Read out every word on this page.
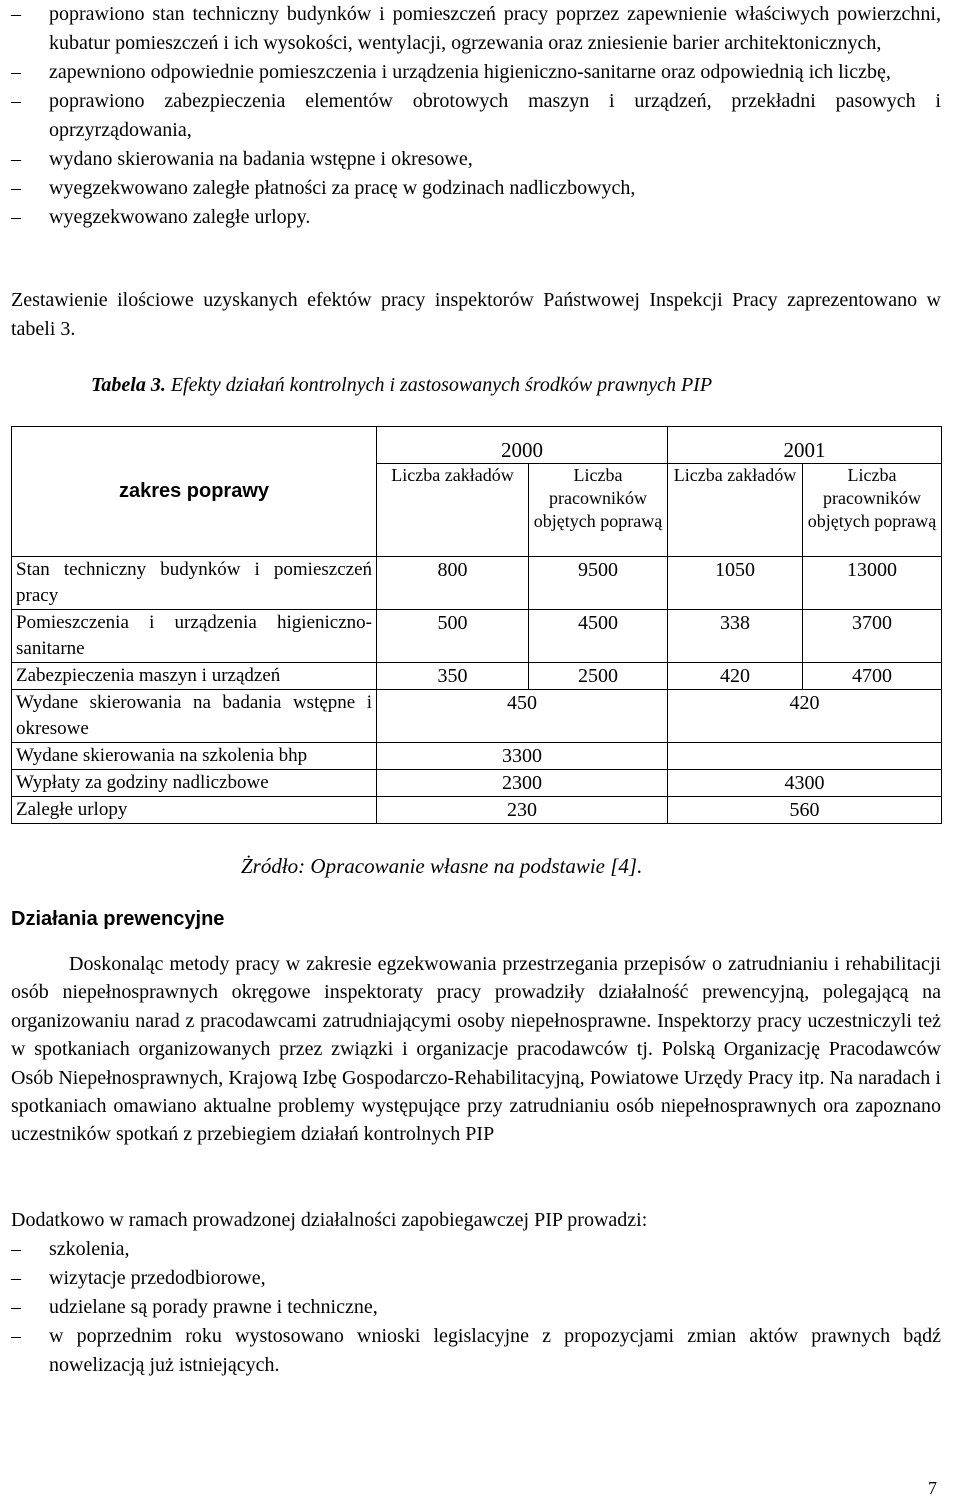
– poprawiono stan techniczny budynków i pomieszczeń pracy poprzez zapewnienie właściwych powierzchni, kubatur pomieszczeń i ich wysokości, wentylacji, ogrzewania oraz zniesienie barier architektonicznych,
– zapewniono odpowiednie pomieszczenia i urządzenia higieniczno-sanitarne oraz odpowiednią ich liczbę,
– poprawiono zabezpieczenia elementów obrotowych maszyn i urządzeń, przekładni pasowych i oprzyrządowania,
– wydano skierowania na badania wstępne i okresowe,
– wyegzekwowano zaległe płatności za pracę w godzinach nadliczbowych,
– wyegzekwowano zaległe urlopy.
Zestawienie ilościowe uzyskanych efektów pracy inspektorów Państwowej Inspekcji Pracy zaprezentowano w tabeli 3.
Tabela 3. Efekty działań kontrolnych i zastosowanych środków prawnych PIP
zakres poprawy	2000		2001	
	Liczba zakładów	Liczba pracowników objętych poprawą	Liczba zakładów	Liczba pracowników objętych poprawą
Stan techniczny budynków i pomieszczeń pracy	800	9500	1050	13000
Pomieszczenia i urządzenia higieniczno-sanitarne	500	4500	338	3700
Zabezpieczenia maszyn i urządzeń	350	2500	420	4700
Wydane skierowania na badania wstępne i okresowe	450		420	
Wydane skierowania na szkolenia bhp	3300			
Wypłaty za godziny nadliczbowe	2300		4300	
Zaległe urlopy	230		560	
Żródło: Opracowanie własne na podstawie [4].
Działania prewencyjne
Doskonaląc metody pracy w zakresie egzekwowania przestrzegania przepisów o zatrudnianiu i rehabilitacji osób niepełnosprawnych okręgowe inspektoraty pracy prowadziły działalność prewencyjną, polegającą na organizowaniu narad z pracodawcami zatrudniającymi osoby niepełnosprawne. Inspektorzy pracy uczestniczyli też w spotkaniach organizowanych przez związki i organizacje pracodawców tj. Polską Organizację Pracodawców Osób Niepełnosprawnych, Krajową Izbę Gospodarczo-Rehabilitacyjną, Powiatowe Urzędy Pracy itp. Na naradach i spotkaniach omawiano aktualne problemy występujące przy zatrudnianiu osób niepełnosprawnych ora zapoznano uczestników spotkań z przebiegiem działań kontrolnych PIP
Dodatkowo w ramach prowadzonej działalności zapobiegawczej PIP prowadzi:
– szkolenia,
– wizytacje przedodbiorowe,
– udzielane są porady prawne i techniczne,
– w poprzednim roku wystosowano wnioski legislacyjne z propozycjami zmian aktów prawnych bądź nowelizacją już istniejących.
7
